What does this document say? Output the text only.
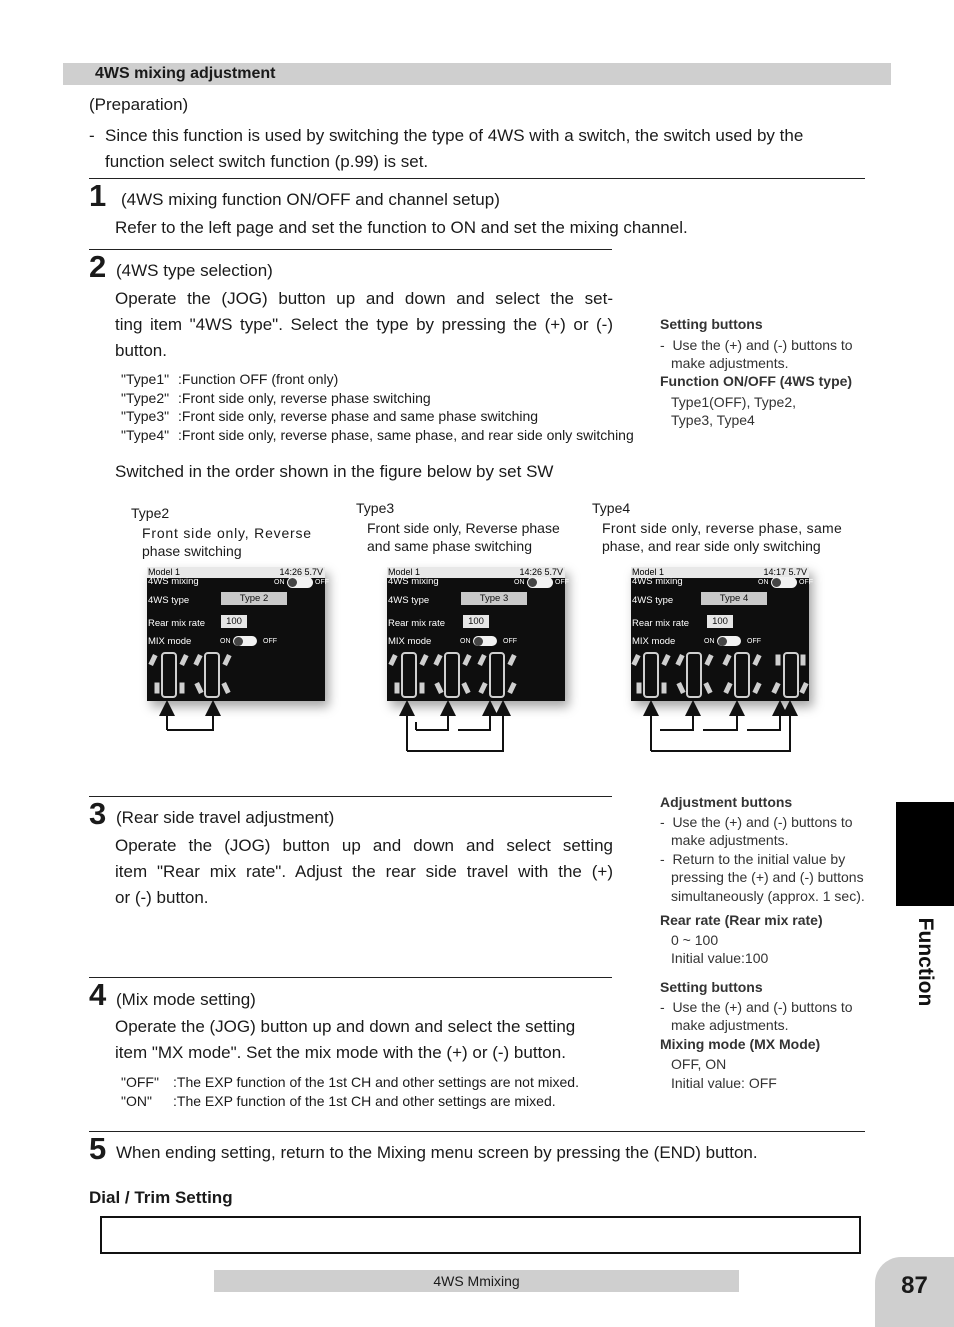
4WS mixing adjustment
(Preparation)
- Since this function is used by switching the type of 4WS with a switch, the switch used by the
function select switch function (p.99) is set.
1 (4WS mixing function ON/OFF and channel setup)
Refer to the left page and set the function to ON and set the mixing channel.
2 (4WS type selection)
Operate the (JOG) button up and down and select the set-
ting item "4WS type". Select the type by pressing the (+) or (-)
button.
"Type1" :Function OFF (front only)
"Type2" :Front side only, reverse phase switching
"Type3" :Front side only, reverse phase and same phase switching
"Type4" :Front side only, reverse phase, same phase, and rear side only switching
Switched in the order shown in the figure below by set SW
Setting buttons
-  Use the (+) and (-) buttons to
make adjustments.
Function ON/OFF (4WS type)
Type1(OFF), Type2,
Type3, Type4
Type2
Front side only, Reverse
phase switching
Type3
Front side only, Reverse phase
and same phase switching
Type4
Front side only, reverse phase, same
phase, and rear side only switching
Model 1	14:26 5.7V
4WS mixing	ON	OFF
4WS type	Type 2
Rear mix rate	100
MIX mode	ON	OFF
Model 1	14:26 5.7V
4WS mixing	ON	OFF
4WS type	Type 3
Rear mix rate	100
MIX mode	ON	OFF
Model 1	14:17 5.7V
4WS mixing	ON	OFF
4WS type	Type 4
Rear mix rate	100
MIX mode	ON	OFF
3 (Rear side travel adjustment)
Operate the (JOG) button up and down and select setting
item "Rear mix rate". Adjust the rear side travel with the (+)
or (-) button.
Adjustment buttons
-  Use the (+) and (-) buttons to
make adjustments.
-  Return to the initial value by
pressing the (+) and (-) buttons
simultaneously (approx. 1 sec).
Rear rate (Rear mix rate)
0 ~ 100
Initial value:100
4 (Mix mode setting)
Operate the (JOG) button up and down and select the setting
item "MX mode". Set the mix mode with the (+) or (-) button.
"OFF" :The EXP function of the 1st CH and other settings are not mixed.
"ON" :The EXP function of the 1st CH and other settings are mixed.
Setting buttons
-  Use the (+) and (-) buttons to
make adjustments.
Mixing mode (MX Mode)
OFF, ON
Initial value: OFF
5 When ending setting, return to the Mixing menu screen by pressing the (END) button.
Dial / Trim Setting
Function
4WS Mmixing	87
